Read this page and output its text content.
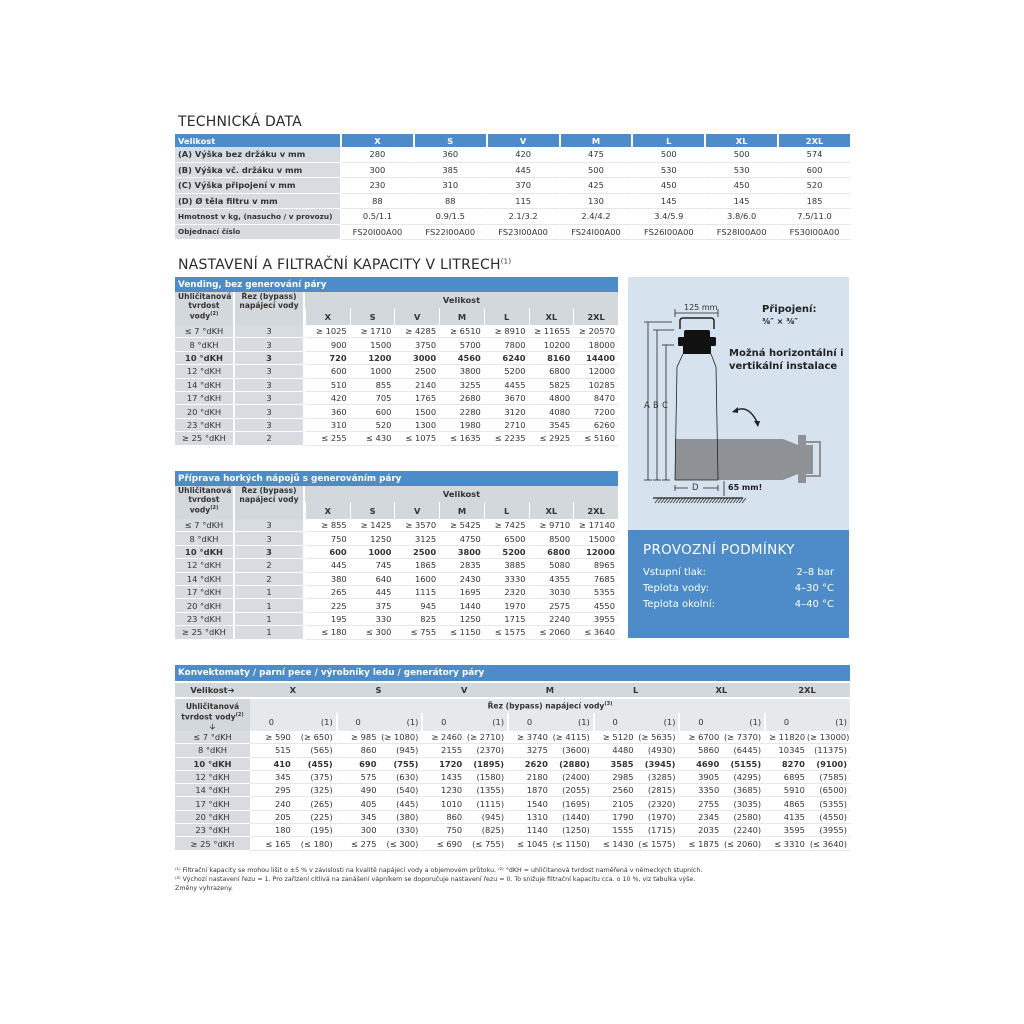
TECHNICKÁ DATA
Velikost	X	S	V	M	L	XL	2XL
(A) Výška bez držáku v mm	280	360	420	475	500	500	574
(B) Výška vč. držáku v mm	300	385	445	500	530	530	600
(C) Výška připojení v mm	230	310	370	425	450	450	520
(D) Ø těla filtru v mm	88	88	115	130	145	145	185
Hmotnost v kg, (nasucho / v provozu)	0.5/1.1	0.9/1.5	2.1/3.2	2.4/4.2	3.4/5.9	3.8/6.0	7.5/11.0
Objednací číslo	FS20I00A00	FS22I00A00	FS23I00A00	FS24I00A00	FS26I00A00	FS28I00A00	FS30I00A00
NASTAVENÍ A FILTRAČNÍ KAPACITY V LITRECH$^{(1)}$
Vending, bez generování páry								
Uhličitanová tvrdost vody$^{(2)}$	Řez (bypass) napájecí vody	Velikost						
		X	S	V	M	L	XL	2XL
≤ 7 °dKH	3	≥ 1025	≥ 1710	≥ 4285	≥ 6510	≥ 8910	≥ 11655	≥ 20570
8 °dKH	3	900	1500	3750	5700	7800	10200	18000
10 °dKH	3	720	1200	3000	4560	6240	8160	14400
12 °dKH	3	600	1000	2500	3800	5200	6800	12000
14 °dKH	3	510	855	2140	3255	4455	5825	10285
17 °dKH	3	420	705	1765	2680	3670	4800	8470
20 °dKH	3	360	600	1500	2280	3120	4080	7200
23 °dKH	3	310	520	1300	1980	2710	3545	6260
≥ 25 °dKH	2	≤ 255	≤ 430	≤ 1075	≤ 1635	≤ 2235	≤ 2925	≤ 5160
Příprava horkých nápojů s generováním páry								
Uhličitanová tvrdost vody$^{(2)}$	Řez (bypass) napájecí vody	Velikost						
		X	S	V	M	L	XL	2XL
≤ 7 °dKH	3	≥ 855	≥ 1425	≥ 3570	≥ 5425	≥ 7425	≥ 9710	≥ 17140
8 °dKH	3	750	1250	3125	4750	6500	8500	15000
10 °dKH	3	600	1000	2500	3800	5200	6800	12000
12 °dKH	2	445	745	1865	2835	3885	5080	8965
14 °dKH	2	380	640	1600	2430	3330	4355	7685
17 °dKH	1	265	445	1115	1695	2320	3030	5355
20 °dKH	1	225	375	945	1440	1970	2575	4550
23 °dKH	1	195	330	825	1250	1715	2240	3955
≥ 25 °dKH	1	≤ 180	≤ 300	≤ 755	≤ 1150	≤ 1575	≤ 2060	≤ 3640
125 mm
A B C
D	65 mm!
Připojení:
⅜″ × ⅜″
Možná horizontální i
vertikální instalace
PROVOZNÍ PODMÍNKY
Vstupní tlak:	2–8 bar
Teplota vody:	4–30 °C
Teplota okolní:	4–40 °C
Konvektomaty / parní pece / výrobníky ledu / generátory páry														
Velikost➔	X		S		V		M		L		XL		2XL	
Uhličitanová tvrdost vody$^{(2)}$
🡣	Řez (bypass) napájecí vody$^{(3)}$
	0	(1)	0	(1)	0	(1)	0	(1)	0	(1)	0	(1)	0	(1)
≤ 7 °dKH	≥ 590	(≥ 650)	≥ 985	(≥ 1080)	≥ 2460	(≥ 2710)	≥ 3740	(≥ 4115)	≥ 5120	(≥ 5635)	≥ 6700	(≥ 7370)	≥ 11820	(≥ 13000)
8 °dKH	515	(565)	860	(945)	2155	(2370)	3275	(3600)	4480	(4930)	5860	(6445)	10345	(11375)
10 °dKH	410	(455)	690	(755)	1720	(1895)	2620	(2880)	3585	(3945)	4690	(5155)	8270	(9100)
12 °dKH	345	(375)	575	(630)	1435	(1580)	2180	(2400)	2985	(3285)	3905	(4295)	6895	(7585)
14 °dKH	295	(325)	490	(540)	1230	(1355)	1870	(2055)	2560	(2815)	3350	(3685)	5910	(6500)
17 °dKH	240	(265)	405	(445)	1010	(1115)	1540	(1695)	2105	(2320)	2755	(3035)	4865	(5355)
20 °dKH	205	(225)	345	(380)	860	(945)	1310	(1440)	1790	(1970)	2345	(2580)	4135	(4550)
23 °dKH	180	(195)	300	(330)	750	(825)	1140	(1250)	1555	(1715)	2035	(2240)	3595	(3955)
≥ 25 °dKH	≤ 165	(≤ 180)	≤ 275	(≤ 300)	≤ 690	(≤ 755)	≤ 1045	(≤ 1150)	≤ 1430	(≤ 1575)	≤ 1875	(≤ 2060)	≤ 3310	(≤ 3640)
⁽¹⁾ Filtrační kapacity se mohou lišit o ±5 % v závislosti na kvalitě napájecí vody a objemovém průtoku. ⁽²⁾ °dKH = uhličitanová tvrdost naměřená v německých stupních.
⁽³⁾ Výchozí nastavení řezu = 1. Pro zařízení citlivá na zanášení vápníkem se doporučuje nastavení řezu = 0. To snižuje filtrační kapacitu cca. o 10 %, viz tabulka výše.
Změny vyhrazeny.
